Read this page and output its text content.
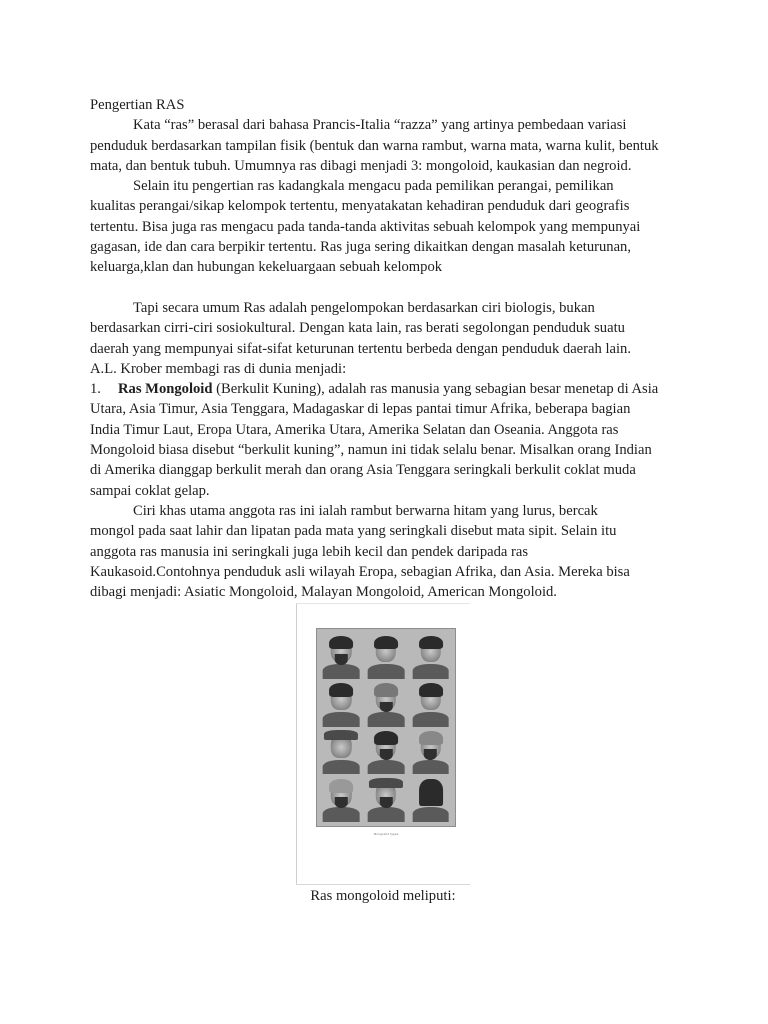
Pengertian RAS
Kata “ras” berasal dari bahasa Prancis-Italia “razza” yang artinya pembedaan variasi
penduduk berdasarkan tampilan fisik (bentuk dan warna rambut, warna mata, warna kulit, bentuk
mata, dan bentuk tubuh. Umumnya ras dibagi menjadi 3: mongoloid, kaukasian dan negroid.
Selain itu pengertian ras kadangkala mengacu pada pemilikan perangai, pemilikan
kualitas perangai/sikap kelompok tertentu, menyatakatan kehadiran penduduk dari geografis
tertentu. Bisa juga ras mengacu pada tanda-tanda aktivitas sebuah kelompok yang mempunyai
gagasan, ide dan cara berpikir tertentu. Ras juga sering dikaitkan dengan masalah keturunan,
keluarga,klan dan hubungan kekeluargaan sebuah kelompok
Tapi secara umum Ras adalah pengelompokan berdasarkan ciri biologis, bukan
berdasarkan cirri-ciri sosiokultural. Dengan kata lain, ras berati segolongan penduduk suatu
daerah yang mempunyai sifat-sifat keturunan tertentu berbeda dengan penduduk daerah lain.
A.L. Krober membagi ras di dunia menjadi:
1. Ras Mongoloid (Berkulit Kuning), adalah ras manusia yang sebagian besar menetap di Asia
Utara, Asia Timur, Asia Tenggara, Madagaskar di lepas pantai timur Afrika, beberapa bagian
India Timur Laut, Eropa Utara, Amerika Utara, Amerika Selatan dan Oseania. Anggota ras
Mongoloid biasa disebut “berkulit kuning”, namun ini tidak selalu benar. Misalkan orang Indian
di Amerika dianggap berkulit merah dan orang Asia Tenggara seringkali berkulit coklat muda
sampai coklat gelap.
Ciri khas utama anggota ras ini ialah rambut berwarna hitam yang lurus, bercak
mongol pada saat lahir dan lipatan pada mata yang seringkali disebut mata sipit. Selain itu
anggota ras manusia ini seringkali juga lebih kecil dan pendek daripada ras
Kaukasoid.Contohnya penduduk asli wilayah Eropa, sebagian Afrika, dan Asia. Mereka bisa
dibagi menjadi: Asiatic Mongoloid, Malayan Mongoloid, American Mongoloid.
Mongoloid types
Ras mongoloid meliputi:
